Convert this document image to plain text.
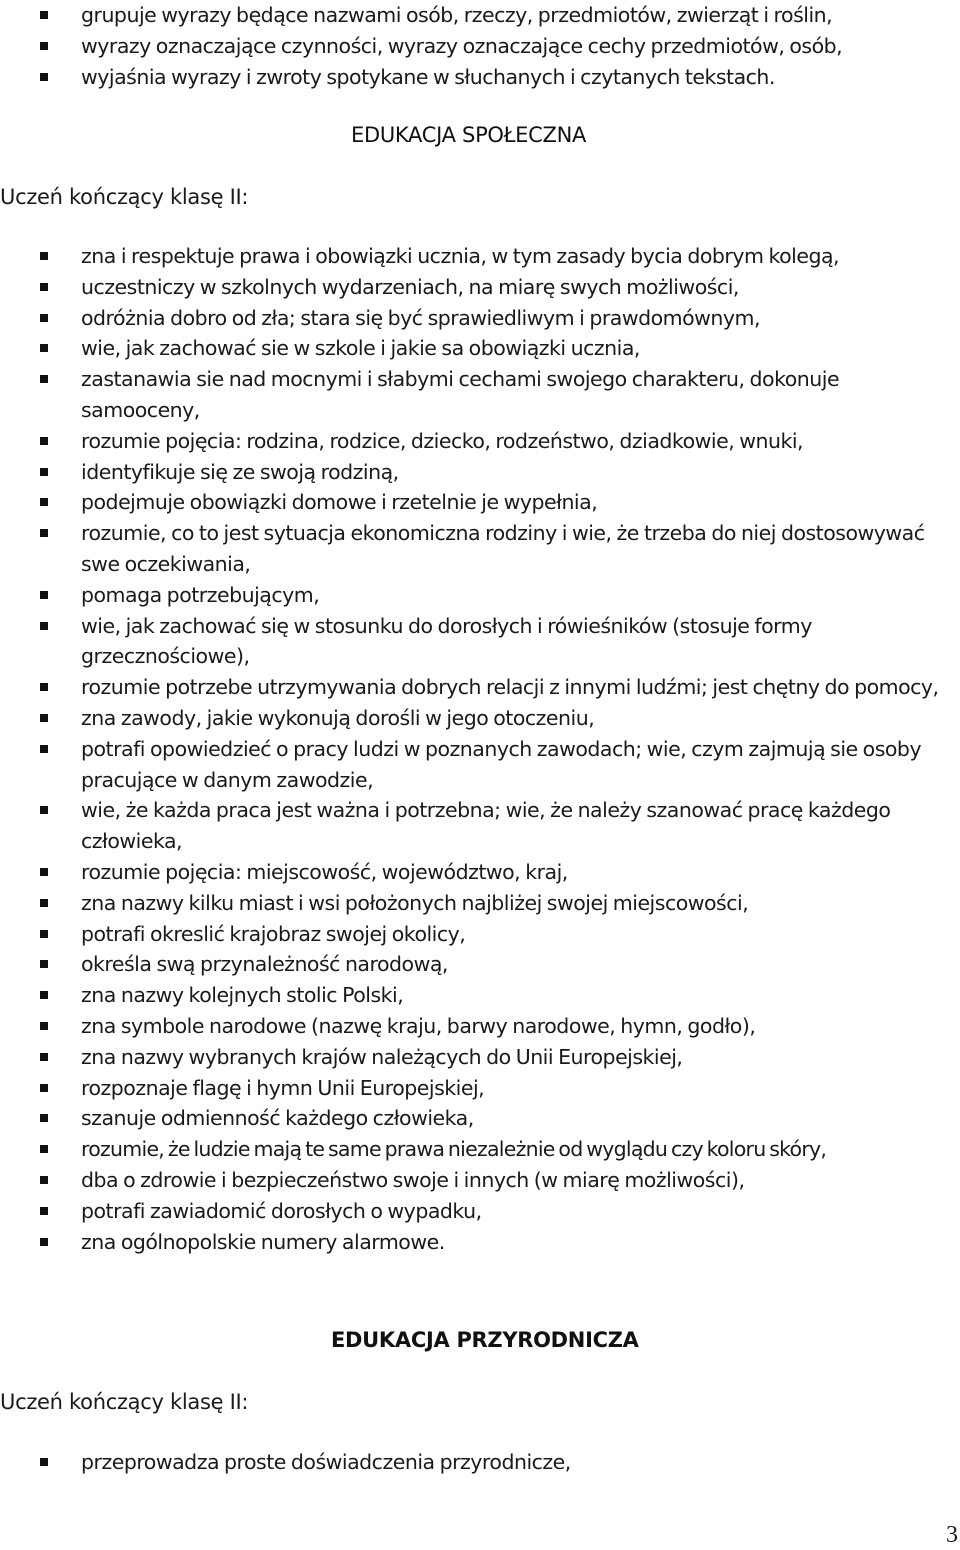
grupuje wyrazy będące nazwami osób, rzeczy, przedmiotów, zwierząt i roślin,
wyrazy oznaczające czynności, wyrazy oznaczające cechy przedmiotów, osób,
wyjaśnia wyrazy i zwroty spotykane w słuchanych i czytanych tekstach.
EDUKACJA SPOŁECZNA
Uczeń kończący klasę II:
zna i respektuje prawa i obowiązki ucznia, w tym zasady bycia dobrym kolegą,
uczestniczy w szkolnych wydarzeniach, na miarę swych możliwości,
odróżnia dobro od zła; stara się być sprawiedliwym i prawdomównym,
wie, jak zachować sie w szkole i jakie sa obowiązki ucznia,
zastanawia sie nad mocnymi i słabymi cechami swojego charakteru, dokonuje samooceny,
rozumie pojęcia: rodzina, rodzice, dziecko, rodzeństwo, dziadkowie, wnuki,
identyfikuje się ze swoją rodziną,
podejmuje obowiązki domowe i rzetelnie je wypełnia,
rozumie, co to jest sytuacja ekonomiczna rodziny i wie, że trzeba do niej dostosowywać swe oczekiwania,
pomaga potrzebującym,
wie, jak zachować się w stosunku do dorosłych i rówieśników (stosuje formy grzecznościowe),
rozumie potrzebe utrzymywania dobrych relacji z innymi ludźmi; jest chętny do pomocy,
zna zawody, jakie wykonują dorośli w jego otoczeniu,
potrafi opowiedzieć o pracy ludzi w poznanych zawodach; wie, czym zajmują sie osoby pracujące w danym zawodzie,
wie, że każda praca jest ważna i potrzebna; wie, że należy szanować pracę każdego człowieka,
rozumie pojęcia: miejscowość, województwo, kraj,
zna nazwy kilku miast i wsi położonych najbliżej swojej miejscowości,
potrafi okreslić krajobraz swojej okolicy,
określa swą przynależność narodową,
zna nazwy kolejnych stolic Polski,
zna symbole narodowe (nazwę kraju, barwy narodowe, hymn, godło),
zna nazwy wybranych krajów należących do Unii Europejskiej,
rozpoznaje flagę i hymn Unii Europejskiej,
szanuje odmienność każdego człowieka,
rozumie, że ludzie mają te same prawa niezależnie od wyglądu czy koloru skóry,
dba o zdrowie i bezpieczeństwo swoje i innych (w miarę możliwości),
potrafi zawiadomić dorosłych o wypadku,
zna ogólnopolskie numery alarmowe.
EDUKACJA PRZYRODNICZA
Uczeń kończący klasę II:
przeprowadza proste doświadczenia przyrodnicze,
3
